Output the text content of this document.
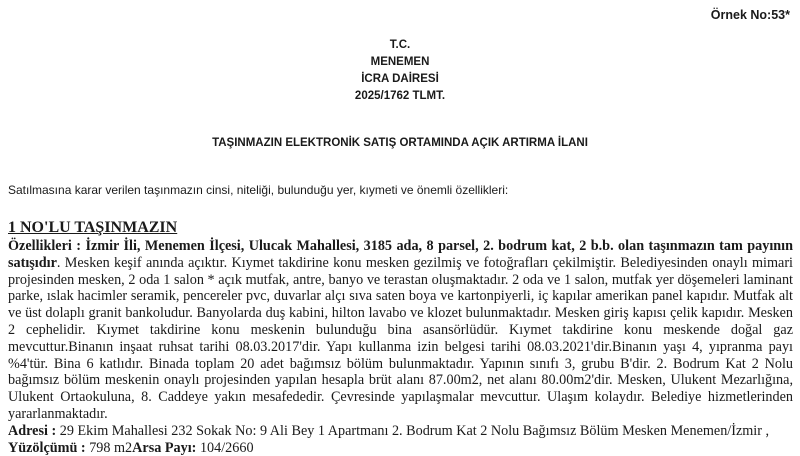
Örnek No:53*
T.C.
MENEMEN
İCRA DAİRESİ
2025/1762 TLMT.
TAŞINMAZIN ELEKTRONİK SATIŞ ORTAMINDA AÇIK ARTIRMA İLANI
Satılmasına karar verilen taşınmazın cinsi, niteliği, bulunduğu yer, kıymeti ve önemli özellikleri:
1 NO'LU TAŞINMAZIN

Özellikleri : İzmir İli, Menemen İlçesi, Ulucak Mahallesi, 3185 ada, 8 parsel, 2. bodrum kat, 2 b.b. olan taşınmazın tam payının satışıdır. Mesken keşif anında açıktır. Kıymet takdirine konu mesken gezilmiş ve fotoğrafları çekilmiştir. Belediyesinden onaylı mimari projesinden mesken, 2 oda 1 salon * açık mutfak, antre, banyo ve terastan oluşmaktadır. 2 oda ve 1 salon, mutfak yer döşemeleri laminant parke, ıslak hacimler seramik, pencereler pvc, duvarlar alçı sıva saten boya ve kartonpiyerli, iç kapılar amerikan panel kapıdır. Mutfak alt ve üst dolaplı granit bankoludur. Banyolarda duş kabini, hilton lavabo ve klozet bulunmaktadır. Mesken giriş kapısı çelik kapıdır. Mesken 2 cephelidir. Kıymet takdirine konu meskenin bulunduğu bina asansörlüdür. Kıymet takdirine konu meskende doğal gaz mevcuttur.Binanın inşaat ruhsat tarihi 08.03.2017'dir. Yapı kullanma izin belgesi tarihi 08.03.2021'dir.Binanın yaşı 4, yıpranma payı %4'tür. Bina 6 katlıdır. Binada toplam 20 adet bağımsız bölüm bulunmaktadır. Yapının sınıfı 3, grubu B'dir. 2. Bodrum Kat 2 Nolu bağımsız bölüm meskenin onaylı projesinden yapılan hesapla brüt alanı 87.00m2, net alanı 80.00m2'dir. Mesken, Ulukent Mezarlığına, Ulukent Ortaokuluna, 8. Caddeye yakın mesafededir. Çevresinde yapılaşmalar mevcuttur. Ulaşım kolaydır. Belediye hizmetlerinden yararlanmaktadır.

Adresi : 29 Ekim Mahallesi 232 Sokak No: 9 Ali Bey 1 Apartmanı 2. Bodrum Kat 2 Nolu Bağımsız Bölüm Mesken Menemen/İzmir ,

Yüzölçümü : 798 m2Arsa Payı: 104/2660
